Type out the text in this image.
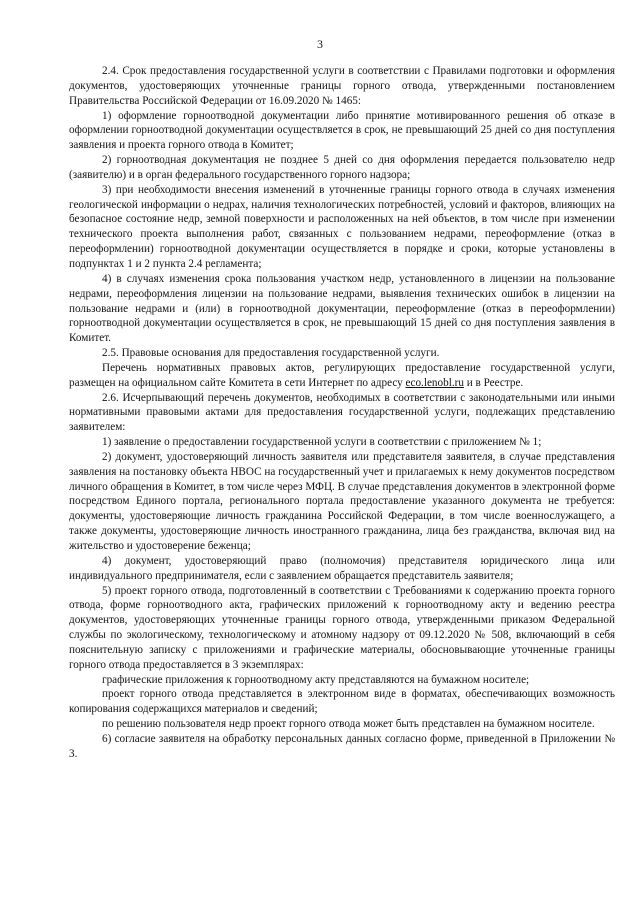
3

2.4. Срок предоставления государственной услуги в соответствии с Правилами подготовки и оформления документов, удостоверяющих уточненные границы горного отвода, утвержденными постановлением Правительства Российской Федерации от 16.09.2020 № 1465:

1) оформление горноотводной документации либо принятие мотивированного решения об отказе в оформлении горноотводной документации осуществляется в срок, не превышающий 25 дней со дня поступления заявления и проекта горного отвода в Комитет;

2) горноотводная документация не позднее 5 дней со дня оформления передается пользователю недр (заявителю) и в орган федерального государственного горного надзора;

3) при необходимости внесения изменений в уточненные границы горного отвода в случаях изменения геологической информации о недрах, наличия технологических потребностей, условий и факторов, влияющих на безопасное состояние недр, земной поверхности и расположенных на ней объектов, в том числе при изменении технического проекта выполнения работ, связанных с пользованием недрами, переоформление (отказ в переоформлении) горноотводной документации осуществляется в порядке и сроки, которые установлены в подпунктах 1 и 2 пункта 2.4 регламента;

4) в случаях изменения срока пользования участком недр, установленного в лицензии на пользование недрами, переоформления лицензии на пользование недрами, выявления технических ошибок в лицензии на пользование недрами и (или) в горноотводной документации, переоформление (отказ в переоформлении) горноотводной документации осуществляется в срок, не превышающий 15 дней со дня поступления заявления в Комитет.

2.5. Правовые основания для предоставления государственной услуги.

Перечень нормативных правовых актов, регулирующих предоставление государственной услуги, размещен на официальном сайте Комитета в сети Интернет по адресу eco.lenobl.ru и в Реестре.

2.6. Исчерпывающий перечень документов, необходимых в соответствии с законодательными или иными нормативными правовыми актами для предоставления государственной услуги, подлежащих представлению заявителем:

1) заявление о предоставлении государственной услуги в соответствии с приложением № 1;

2) документ, удостоверяющий личность заявителя или представителя заявителя, в случае представления заявления на постановку объекта НВОС на государственный учет и прилагаемых к нему документов посредством личного обращения в Комитет, в том числе через МФЦ. В случае представления документов в электронной форме посредством Единого портала, регионального портала предоставление указанного документа не требуется: документы, удостоверяющие личность гражданина Российской Федерации, в том числе военнослужащего, а также документы, удостоверяющие личность иностранного гражданина, лица без гражданства, включая вид на жительство и удостоверение беженца;

4) документ, удостоверяющий право (полномочия) представителя юридического лица или индивидуального предпринимателя, если с заявлением обращается представитель заявителя;

5) проект горного отвода, подготовленный в соответствии с Требованиями к содержанию проекта горного отвода, форме горноотводного акта, графических приложений к горноотводному акту и ведению реестра документов, удостоверяющих уточненные границы горного отвода, утвержденными приказом Федеральной службы по экологическому, технологическому и атомному надзору от 09.12.2020 № 508, включающий в себя пояснительную записку с приложениями и графические материалы, обосновывающие уточненные границы горного отвода предоставляется в 3 экземплярах:

графические приложения к горноотводному акту представляются на бумажном носителе;

проект горного отвода представляется в электронном виде в форматах, обеспечивающих возможность копирования содержащихся материалов и сведений;

по решению пользователя недр проект горного отвода может быть представлен на бумажном носителе.

6) согласие заявителя на обработку персональных данных согласно форме, приведенной в Приложении № 3.
